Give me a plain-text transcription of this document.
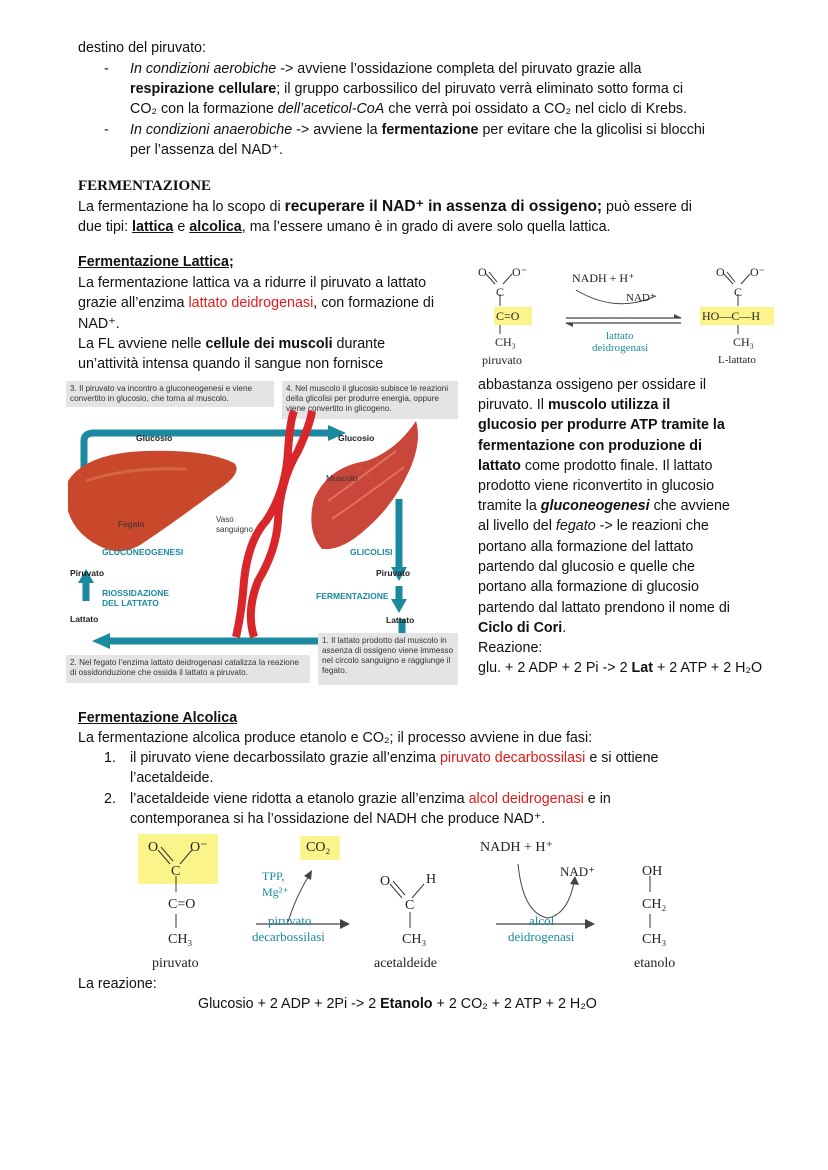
destino del piruvato:
- In condizioni aerobiche -> avviene l’ossidazione completa del piruvato grazie alla
respirazione cellulare; il gruppo carbossilico del piruvato verrà eliminato sotto forma ci
CO₂ con la formazione dell’aceticol-CoA che verrà poi ossidato a CO₂ nel ciclo di Krebs.
- In condizioni anaerobiche -> avviene la fermentazione per evitare che la glicolisi si blocchi
per l’assenza del NAD⁺.
FERMENTAZIONE
La fermentazione ha lo scopo di recuperare il NAD⁺ in assenza di ossigeno; può essere di
due tipi: lattica e alcolica, ma l’essere umano è in grado di avere solo quella lattica.
Fermentazione Lattica;
La fermentazione lattica va a ridurre il piruvato a lattato
grazie all’enzima lattato deidrogenasi, con formazione di
NAD⁺.
La FL avviene nelle cellule dei muscoli durante
un’attività intensa quando il sangue non fornisce
O O⁻
C
C=O
CH₃
piruvato
NADH + H⁺
NAD⁺
lattato
deidrogenasi
O O⁻
C
HO—C—H
CH₃
L-lattato
3. Il piruvato va incontro a gluconeogenesi e viene convertito in glucosio, che torna al muscolo.
4. Nel muscolo il glucosio subisce le reazioni della glicolisi per produrre energia, oppure viene convertito in glicogeno.
Glucosio	Glucosio
Muscolo
Fegato	Vaso sanguigno
GLUCONEOGENESI	GLICOLISI
Piruvato	Piruvato
RIOSSIDAZIONE DEL LATTATO
FERMENTAZIONE
Lattato	Lattato
1. Il lattato prodotto dal muscolo in assenza di ossigeno viene immesso nel circolo sanguigno e raggiunge il fegato.
2. Nel fegato l’enzima lattato deidrogenasi catalizza la reazione di ossidoriduzione che ossida il lattato a piruvato.
abbastanza ossigeno per ossidare il
piruvato. Il muscolo utilizza il
glucosio per produrre ATP tramite la
fermentazione con produzione di
lattato come prodotto finale. Il lattato
prodotto viene riconvertito in glucosio
tramite la gluconeogenesi che avviene
al livello del fegato -> le reazioni che
portano alla formazione del lattato
partendo dal glucosio e quelle che
portano alla formazione di glucosio
partendo dal lattato prendono il nome di
Ciclo di Cori.
Reazione:
glu. + 2 ADP + 2 Pi -> 2 Lat + 2 ATP + 2 H₂O
Fermentazione Alcolica
La fermentazione alcolica produce etanolo e CO₂; il processo avviene in due fasi:
1. il piruvato viene decarbossilato grazie all’enzima piruvato decarbossilasi e si ottiene
l’acetaldeide.
2. l’acetaldeide viene ridotta a etanolo grazie all’enzima alcol deidrogenasi e in
contemporanea si ha l’ossidazione del NADH che produce NAD⁺.
O O⁻
C
C=O
CH₃
piruvato
CO₂
TPP,
Mg²⁺
piruvato
decarbossilasi
O	H
C
CH₃
acetaldeide
NADH + H⁺
NAD⁺
alcol
deidrogenasi
OH
CH₂
CH₃
etanolo
La reazione:
Glucosio + 2 ADP + 2Pi -> 2 Etanolo + 2 CO₂ + 2 ATP + 2 H₂O
